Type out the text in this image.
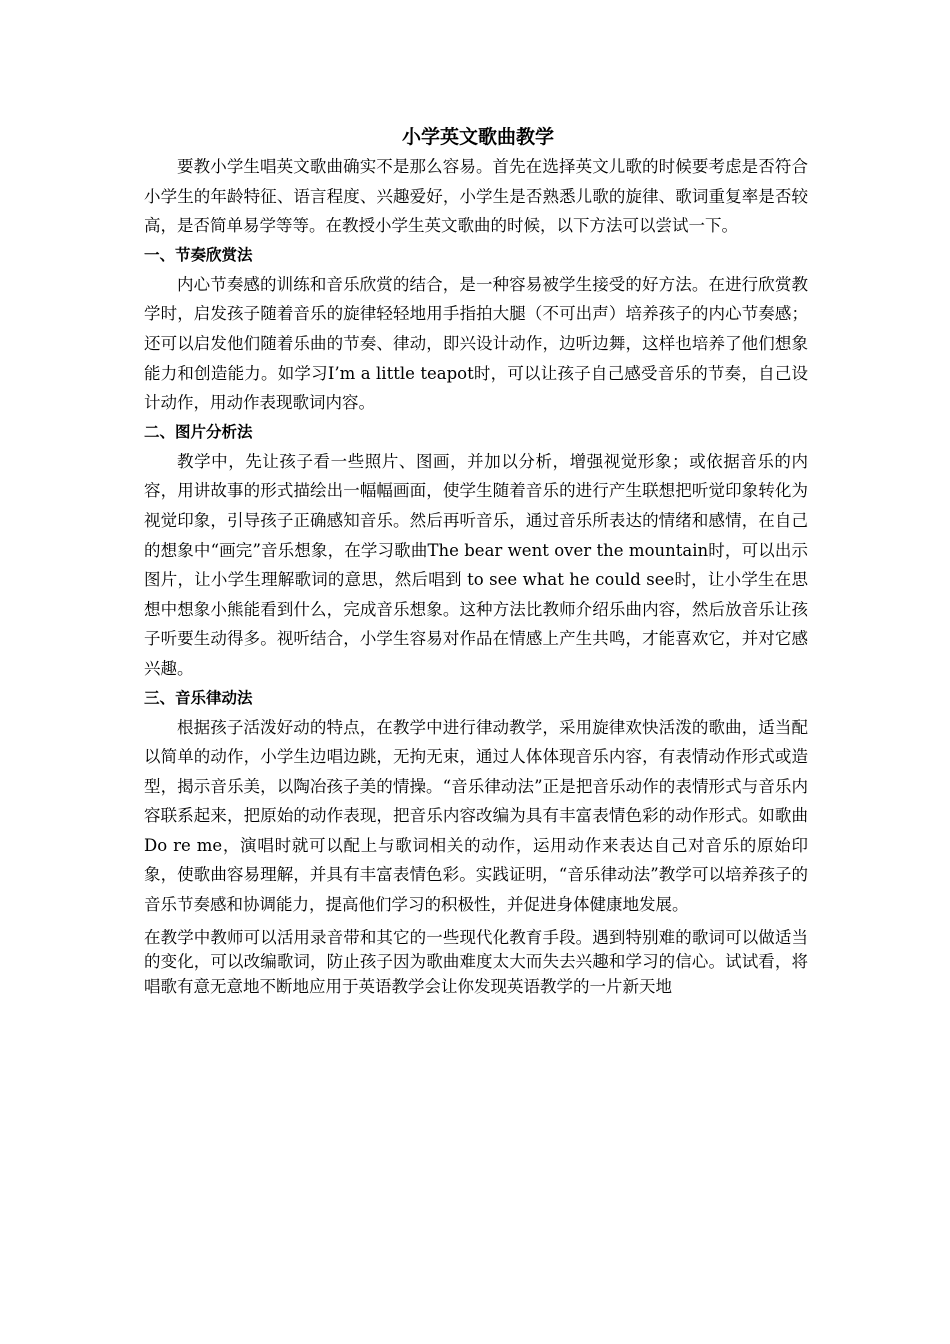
小学英文歌曲教学

要教小学生唱英文歌曲确实不是那么容易。首先在选择英文儿歌的时候要考虑是否符合小学生的年龄特征、语言程度、兴趣爱好，小学生是否熟悉儿歌的旋律、歌词重复率是否较高，是否简单易学等等。在教授小学生英文歌曲的时候，以下方法可以尝试一下。

一、节奏欣赏法

内心节奏感的训练和音乐欣赏的结合，是一种容易被学生接受的好方法。在进行欣赏教学时，启发孩子随着音乐的旋律轻轻地用手指拍大腿（不可出声）培养孩子的内心节奏感；还可以启发他们随着乐曲的节奏、律动，即兴设计动作，边听边舞，这样也培养了他们想象能力和创造能力。如学习I’m a little teapot时，可以让孩子自己感受音乐的节奏，自己设计动作，用动作表现歌词内容。

二、图片分析法

教学中，先让孩子看一些照片、图画，并加以分析，增强视觉形象；或依据音乐的内容，用讲故事的形式描绘出一幅幅画面，使学生随着音乐的进行产生联想把听觉印象转化为视觉印象，引导孩子正确感知音乐。然后再听音乐，通过音乐所表达的情绪和感情，在自己的想象中“画完”音乐想象，在学习歌曲The bear went over the mountain时，可以出示图片，让小学生理解歌词的意思，然后唱到 to see what he could see时，让小学生在思想中想象小熊能看到什么，完成音乐想象。这种方法比教师介绍乐曲内容，然后放音乐让孩子听要生动得多。视听结合，小学生容易对作品在情感上产生共鸣，才能喜欢它，并对它感兴趣。

三、音乐律动法

根据孩子活泼好动的特点，在教学中进行律动教学，采用旋律欢快活泼的歌曲，适当配以简单的动作，小学生边唱边跳，无拘无束，通过人体体现音乐内容，有表情动作形式或造型，揭示音乐美，以陶冶孩子美的情操。“音乐律动法”正是把音乐动作的表情形式与音乐内容联系起来，把原始的动作表现，把音乐内容改编为具有丰富表情色彩的动作形式。如歌曲Do re me，演唱时就可以配上与歌词相关的动作，运用动作来表达自己对音乐的原始印象，使歌曲容易理解，并具有丰富表情色彩。实践证明，“音乐律动法”教学可以培养孩子的音乐节奏感和协调能力，提高他们学习的积极性，并促进身体健康地发展。

在教学中教师可以活用录音带和其它的一些现代化教育手段。遇到特别难的歌词可以做适当的变化，可以改编歌词，防止孩子因为歌曲难度太大而失去兴趣和学习的信心。试试看，将唱歌有意无意地不断地应用于英语教学会让你发现英语教学的一片新天地
